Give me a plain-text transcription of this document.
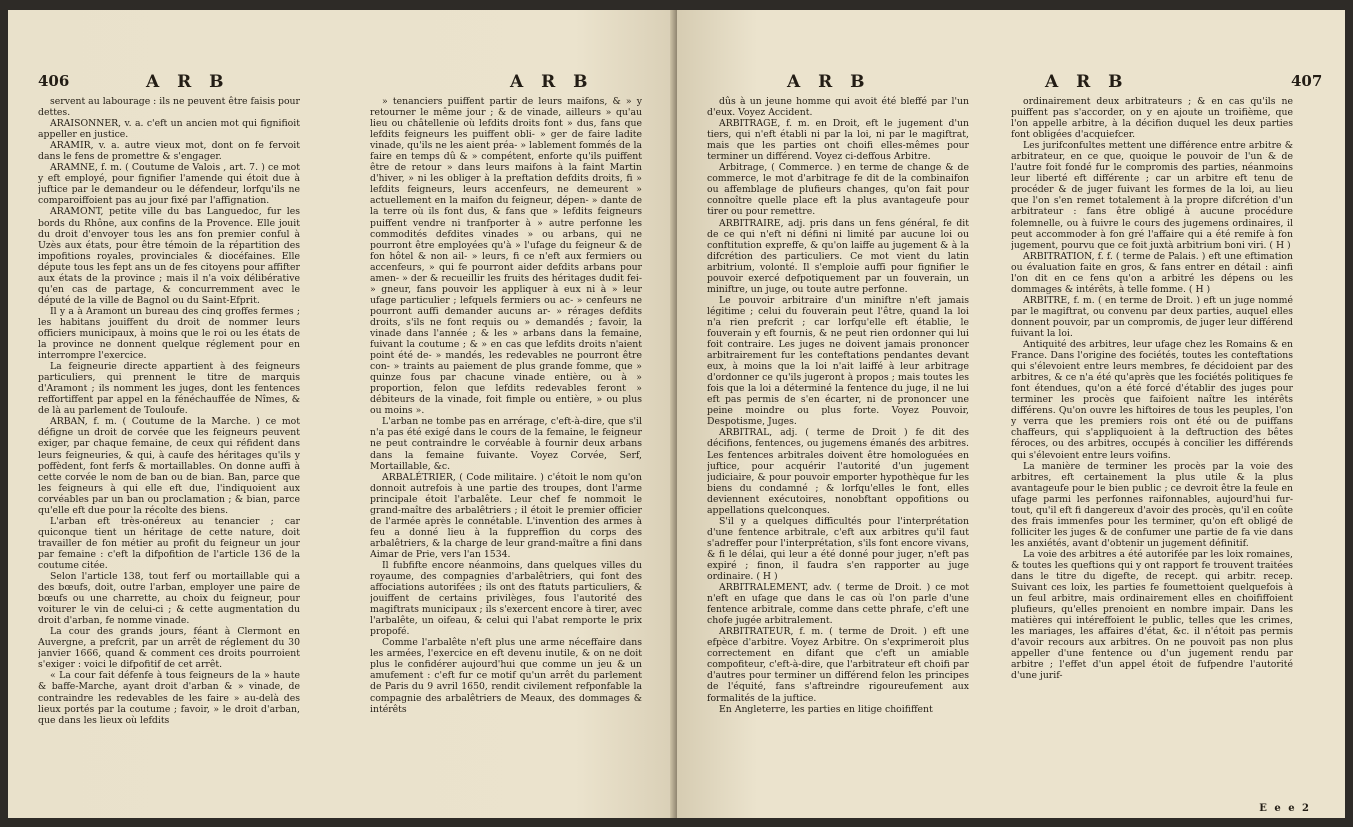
406	A R B	A R B

servent au labourage : ils ne peuvent être faisis pour dettes.

ARAISONNER, v. a. c'eft un ancien mot qui fignifioit appeller en justice.

ARAMIR, v. a. autre vieux mot, dont on fe fervoit dans le fens de promettre & s'engager.

ARAMNE, f. m. ( Coutume de Valois , art. 7. ) ce mot y eft employé, pour fignifier l'amende qui étoit due à juftice par le demandeur ou le défendeur, lorfqu'ils ne comparoiffoient pas au jour fixé par l'affignation.

ARAMONT, petite ville du bas Languedoc, fur les bords du Rhône, aux confins de la Provence. Elle jouit du droit d'envoyer tous les ans fon premier conful à Uzès aux états, pour être témoin de la répartition des impofitions royales, provinciales & diocéfaines. Elle députe tous les fept ans un de fes citoyens pour affifter aux états de la province ; mais il n'a voix délibérative qu'en cas de partage, & concurremment avec le député de la ville de Bagnol ou du Saint-Efprit.

Il y a à Aramont un bureau des cinq groffes fermes ; les habitans jouiffent du droit de nommer leurs officiers municipaux, à moins que le roi ou les états de la province ne donnent quelque réglement pour en interrompre l'exercice.

La feigneurie directe appartient à des feigneurs particuliers, qui prennent le titre de marquis d'Aramont ; ils nomment les juges, dont les fentences reffortiffent par appel en la fénéchauffée de Nîmes, & de là au parlement de Touloufe.

ARBAN, f. m. ( Coutume de la Marche. ) ce mot défigne un droit de corvée que les feigneurs peuvent exiger, par chaque femaine, de ceux qui réfident dans leurs feigneuries, & qui, à caufe des héritages qu'ils y poffèdent, font ferfs & mortaillables. On donne auffi à cette corvée le nom de ban ou de bian. Ban, parce que les feigneurs à qui elle eft due, l'indiquoient aux corvéables par un ban ou proclamation ; & bian, parce qu'elle eft due pour la récolte des biens.

L'arban eft très-onéreux au tenancier ; car quiconque tient un héritage de cette nature, doit travailler de fon métier au profit du feigneur un jour par femaine : c'eft la difpofition de l'article 136 de la coutume citée.

Selon l'article 138, tout ferf ou mortaillable qui a des bœufs, doit, outre l'arban, employer une paire de bœufs ou une charrette, au choix du feigneur, pour voiturer le vin de celui-ci ; & cette augmentation du droit d'arban, fe nomme vinade.

La cour des grands jours, féant à Clermont en Auvergne, a prefcrit, par un arrêt de réglement du 30 janvier 1666, quand & comment ces droits pourroient s'exiger : voici le difpofitif de cet arrêt.

« La cour fait défenfe à tous feigneurs de la » haute & baffe-Marche, ayant droit d'arban & » vinade, de contraindre les redevables de les faire » au-delà des lieux portés par la coutume ; favoir, » le droit d'arban, que dans les lieux où lefdits

» tenanciers puiffent partir de leurs maifons, & » y retourner le même jour ; & de vinade, ailleurs » qu'au lieu ou châtellenie où lefdits droits font » dus, fans que lefdits feigneurs les puiffent obli- » ger de faire ladite vinade, qu'ils ne les aient préa- » lablement fommés de la faire en temps dû & » compétent, enforte qu'ils puiffent être de retour » dans leurs maifons à la faint Martin d'hiver, » ni les obliger à la preftation defdits droits, fi » lefdits feigneurs, leurs accenfeurs, ne demeurent » actuellement en la maifon du feigneur, dépen- » dante de la terre où ils font dus, & fans que » lefdits feigneurs puiffent vendre ni tranfporter à » autre perfonne les commodités defdites vinades » ou arbans, qui ne pourront être employées qu'à » l'ufage du feigneur & de fon hôtel & non ail- » leurs, fi ce n'eft aux fermiers ou accenfeurs, » qui fe pourront aider defdits arbans pour amen- » der & recueillir les fruits des héritages dudit fei- » gneur, fans pouvoir les appliquer à eux ni à » leur ufage particulier ; lefquels fermiers ou ac- » cenfeurs ne pourront auffi demander aucuns ar- » rérages defdits droits, s'ils ne font requis ou » demandés ; favoir, la vinade dans l'année ; & les » arbans dans la femaine, fuivant la coutume ; & » en cas que lefdits droits n'aient point été de- » mandés, les redevables ne pourront être con- » traints au paiement de plus grande fomme, que » quinze fous par chacune vinade entière, ou à » proportion, felon que lefdits redevables feront » débiteurs de la vinade, foit fimple ou entière, » ou plus ou moins ».

L'arban ne tombe pas en arrérage, c'eft-à-dire, que s'il n'a pas été exigé dans le cours de la femaine, le feigneur ne peut contraindre le corvéable à fournir deux arbans dans la femaine fuivante. Voyez Corvée, Serf, Mortaillable, &c.

ARBALÉTRIER, ( Code militaire. ) c'étoit le nom qu'on donnoit autrefois à une partie des troupes, dont l'arme principale étoit l'arbalête. Leur chef fe nommoit le grand-maître des arbalêtriers ; il étoit le premier officier de l'armée après le connétable. L'invention des armes à feu a donné lieu à la fuppreffion du corps des arbalêtriers, & la charge de leur grand-maître a fini dans Aimar de Prie, vers l'an 1534.

Il fubfifte encore néanmoins, dans quelques villes du royaume, des compagnies d'arbalêtriers, qui font des affociations autorifées ; ils ont des ftatuts particuliers, & jouiffent de certains privilèges, fous l'autorité des magiftrats municipaux ; ils s'exercent encore à tirer, avec l'arbalête, un oifeau, & celui qui l'abat remporte le prix propofé.

Comme l'arbalête n'eft plus une arme néceffaire dans les armées, l'exercice en eft devenu inutile, & on ne doit plus le confidérer aujourd'hui que comme un jeu & un amufement : c'eft fur ce motif qu'un arrêt du parlement de Paris du 9 avril 1650, rendit civilement refponfable la compagnie des arbalêtriers de Meaux, des dommages & intérêts

A R B	A R B	407

dûs à un jeune homme qui avoit été bleffé par l'un d'eux. Voyez Accident.

ARBITRAGE, f. m. en Droit, eft le jugement d'un tiers, qui n'eft établi ni par la loi, ni par le magiftrat, mais que les parties ont choifi elles-mêmes pour terminer un différend. Voyez ci-deffous Arbitre.

Arbitrage, ( Commerce. ) en terme de change & de commerce, le mot d'arbitrage fe dit de la combinaifon ou affemblage de plufieurs changes, qu'on fait pour connoître quelle place eft la plus avantageufe pour tirer ou pour remettre.

ARBITRAIRE, adj. pris dans un fens général, fe dit de ce qui n'eft ni défini ni limité par aucune loi ou conftitution expreffe, & qu'on laiffe au jugement & à la difcrétion des particuliers. Ce mot vient du latin arbitrium, volonté. Il s'emploie auffi pour fignifier le pouvoir exercé defpotiquement par un fouverain, un miniftre, un juge, ou toute autre perfonne.

Le pouvoir arbitraire d'un miniftre n'eft jamais légitime ; celui du fouverain peut l'être, quand la loi n'a rien prefcrit ; car lorfqu'elle eft établie, le fouverain y eft fournis, & ne peut rien ordonner qui lui foit contraire. Les juges ne doivent jamais prononcer arbitrairement fur les conteftations pendantes devant eux, à moins que la loi n'ait laiffé à leur arbitrage d'ordonner ce qu'ils jugeront à propos ; mais toutes les fois que la loi a déterminé la fentence du juge, il ne lui eft pas permis de s'en écarter, ni de prononcer une peine moindre ou plus forte. Voyez Pouvoir, Despotisme, Juges.

ARBITRAL, adj. ( terme de Droit ) fe dit des décifions, fentences, ou jugemens émanés des arbitres. Les fentences arbitrales doivent être homologuées en juftice, pour acquérir l'autorité d'un jugement judiciaire, & pour pouvoir emporter hypothèque fur les biens du condamné ; & lorfqu'elles le font, elles deviennent exécutoires, nonobftant oppofitions ou appellations quelconques.

S'il y a quelques difficultés pour l'interprétation d'une fentence arbitrale, c'eft aux arbitres qu'il faut s'adreffer pour l'interprétation, s'ils font encore vivans, & fi le délai, qui leur a été donné pour juger, n'eft pas expiré ; finon, il faudra s'en rapporter au juge ordinaire. ( H )

ARBITRALEMENT, adv. ( terme de Droit. ) ce mot n'eft en ufage que dans le cas où l'on parle d'une fentence arbitrale, comme dans cette phrafe, c'eft une chofe jugée arbitralement.

ARBITRATEUR, f. m. ( terme de Droit. ) eft une efpèce d'arbitre. Voyez Arbitre. On s'exprimeroit plus correctement en difant que c'eft un amiable compofiteur, c'eft-à-dire, que l'arbitrateur eft choifi par d'autres pour terminer un différend felon les principes de l'équité, fans s'aftreindre rigoureufement aux formalités de la juftice.

En Angleterre, les parties en litige choififfent

ordinairement deux arbitrateurs ; & en cas qu'ils ne puiffent pas s'accorder, on y en ajoute un troifième, que l'on appelle arbitre, à la décifion duquel les deux parties font obligées d'acquiefcer.

Les jurifconfultes mettent une différence entre arbitre & arbitrateur, en ce que, quoique le pouvoir de l'un & de l'autre foit fondé fur le compromis des parties, néanmoins leur liberté eft différente ; car un arbitre eft tenu de procéder & de juger fuivant les formes de la loi, au lieu que l'on s'en remet totalement à la propre difcrétion d'un arbitrateur : fans être obligé à aucune procédure folemnelle, ou à fuivre le cours des jugemens ordinaires, il peut accommoder à fon gré l'affaire qui a été remife à fon jugement, pourvu que ce foit juxtà arbitrium boni viri. ( H )

ARBITRATION, f. f. ( terme de Palais. ) eft une eftimation ou évaluation faite en gros, & fans entrer en détail : ainfi l'on dit en ce fens qu'on a arbitré les dépens ou les dommages & intérêts, à telle fomme. ( H )

ARBITRE, f. m. ( en terme de Droit. ) eft un juge nommé par le magiftrat, ou convenu par deux parties, auquel elles donnent pouvoir, par un compromis, de juger leur différend fuivant la loi.

Antiquité des arbitres, leur ufage chez les Romains & en France. Dans l'origine des fociétés, toutes les conteftations qui s'élevoient entre leurs membres, fe décidoient par des arbitres, & ce n'a été qu'après que les fociétés politiques fe font étendues, qu'on a été forcé d'établir des juges pour terminer les procès que faifoient naître les intérêts différens. Qu'on ouvre les hiftoires de tous les peuples, l'on y verra que les premiers rois ont été ou de puiffans chaffeurs, qui s'appliquoient à la deftruction des bêtes féroces, ou des arbitres, occupés à concilier les différends qui s'élevoient entre leurs voifins.

La manière de terminer les procès par la voie des arbitres, eft certainement la plus utile & la plus avantageufe pour le bien public ; ce devroit être la feule en ufage parmi les perfonnes raifonnables, aujourd'hui fur-tout, qu'il eft fi dangereux d'avoir des procès, qu'il en coûte des frais immenfes pour les terminer, qu'on eft obligé de folliciter les juges & de confumer une partie de fa vie dans les anxiétés, avant d'obtenir un jugement définitif.

La voie des arbitres a été autorifée par les loix romaines, & toutes les queftions qui y ont rapport fe trouvent traitées dans le titre du digefte, de recept. qui arbitr. recep. Suivant ces loix, les parties fe foumettoient quelquefois à un feul arbitre, mais ordinairement elles en choififfoient plufieurs, qu'elles prenoient en nombre impair. Dans les matières qui intéreffoient le public, telles que les crimes, les mariages, les affaires d'état, &c. il n'étoit pas permis d'avoir recours aux arbitres. On ne pouvoit pas non plus appeller d'une fentence ou d'un jugement rendu par arbitre ; l'effet d'un appel étoit de fufpendre l'autorité d'une jurif-

E e e 2
